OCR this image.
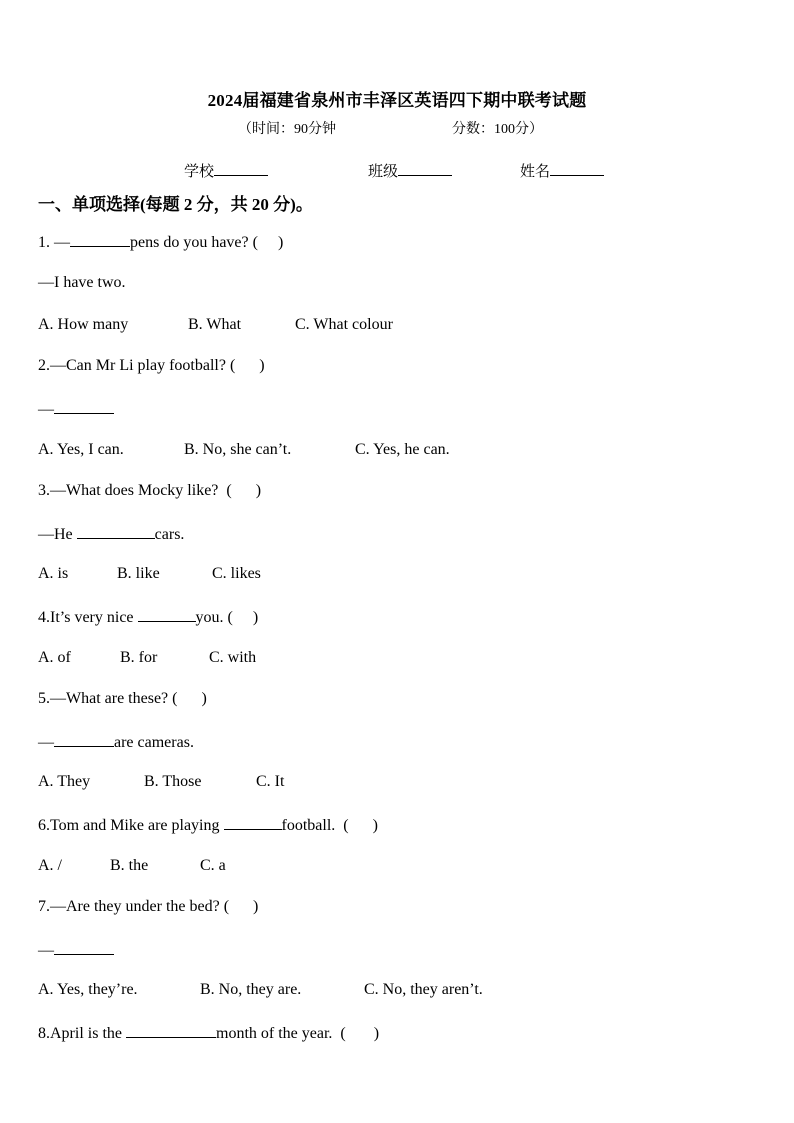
2024届福建省泉州市丰泽区英语四下期中联考试题
（时间：90分钟	分数：100分）
学校	班级	姓名
一、单项选择(每题 2 分，共 20 分)。
1. —	pens do you have? (     )
—I have two.
A. How many	B. What	C. What colour
2.—Can Mr Li play football? (      )
—
A. Yes, I can.	B. No, she can’t.	C. Yes, he can.
3.—What does Mocky like?  (      )
—He	cars.
A. is	B. like	C. likes
4.It’s very nice	you. (     )
A. of	B. for	C. with
5.—What are these? (      )
—	are cameras.
A. They	B. Those	C. It
6.Tom and Mike are playing	football.  (      )
A. /	B. the	C. a
7.—Are they under the bed? (      )
—
A. Yes, they’re.	B. No, they are.	C. No, they aren’t.
8.April is the	month of the year.  (       )
